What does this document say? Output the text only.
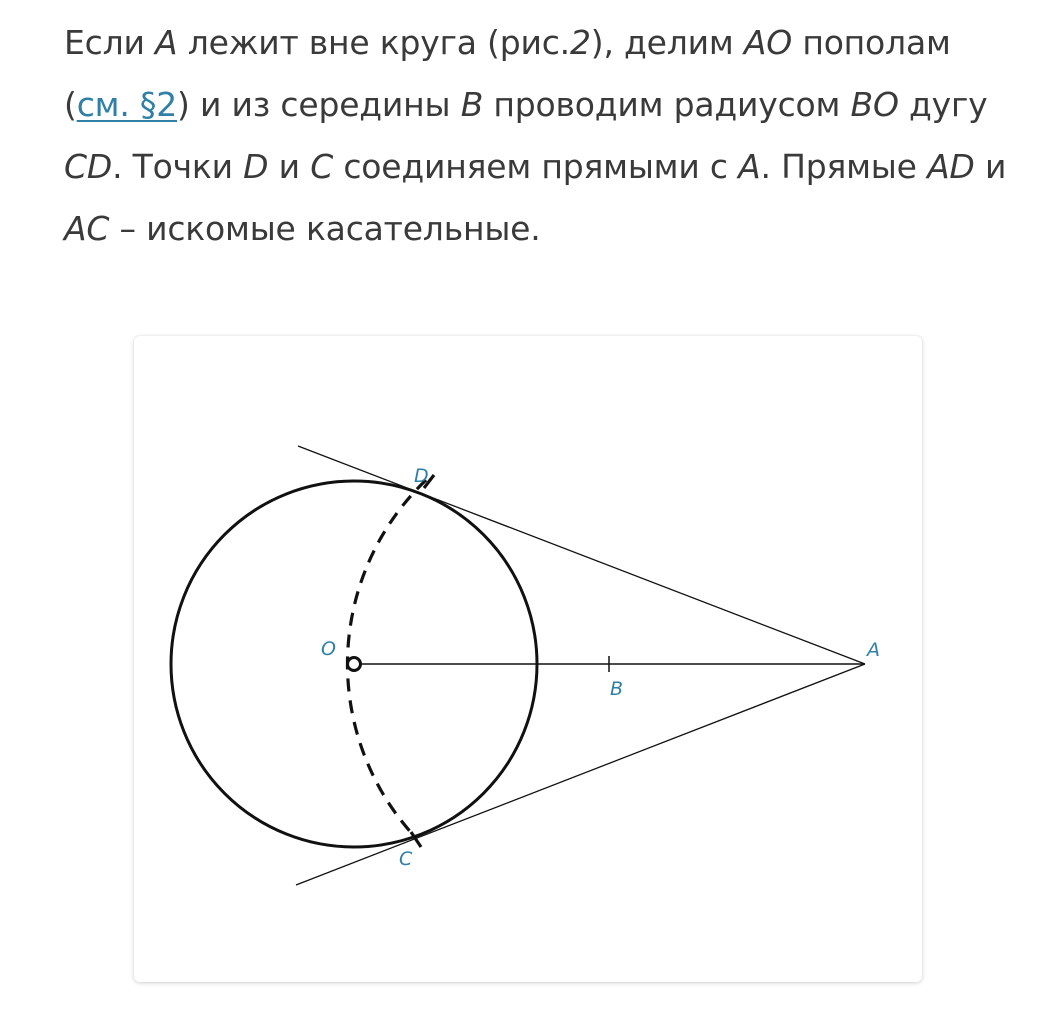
Если A лежит вне круга (рис.2), делим AO пополам (см. §2) и из середины B проводим радиусом BO дугу CD. Точки D и C соединяем прямыми с A. Прямые AD и AC – искомые касательные.
O	A
B
C
D
